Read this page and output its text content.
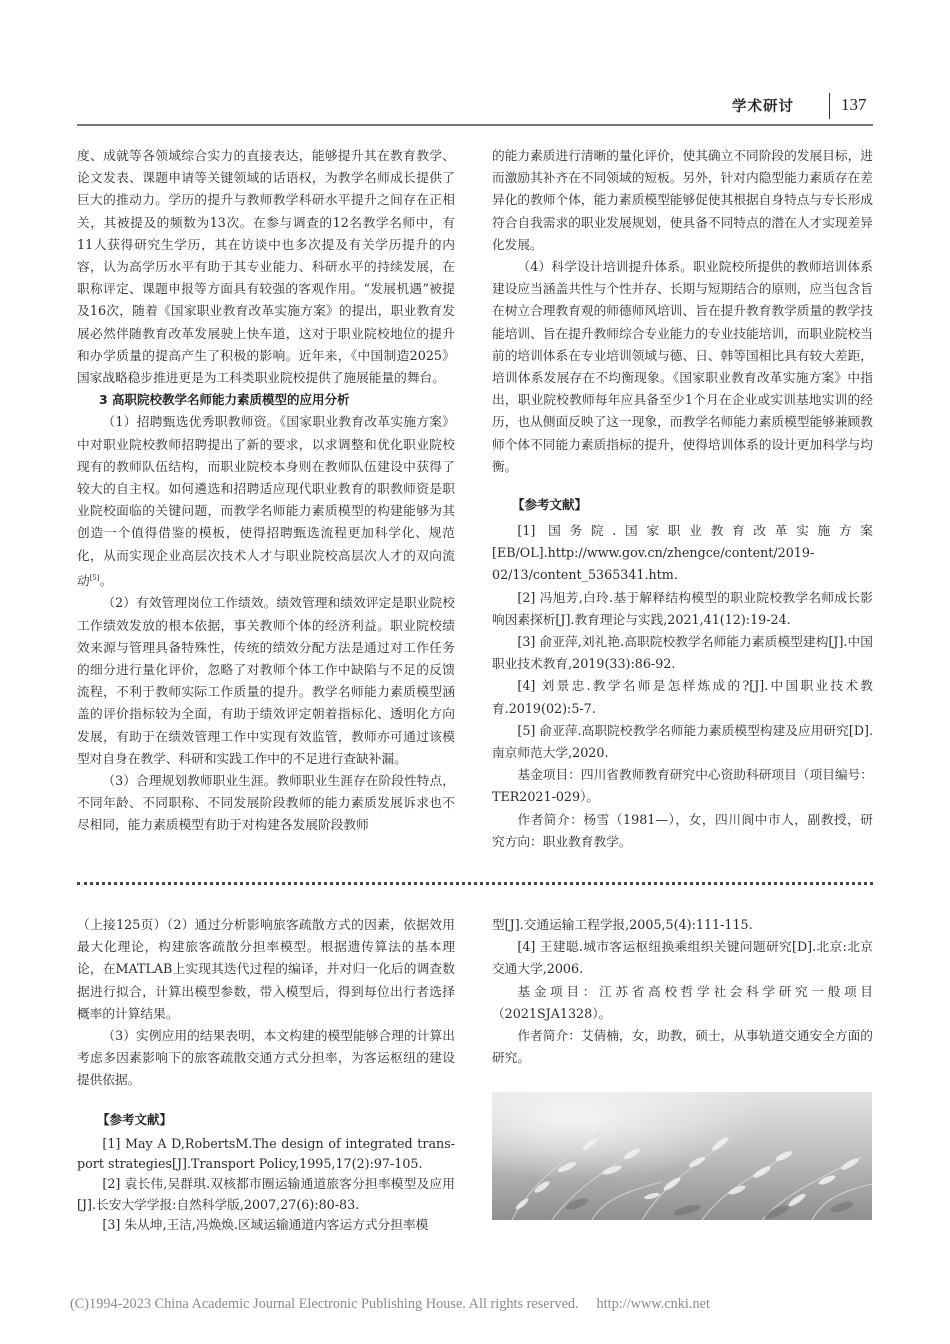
学术研讨	137

度、成就等各领域综合实力的直接表达，能够提升其在教育教学、论文发表、课题申请等关键领域的话语权，为教学名师成长提供了巨大的推动力。学历的提升与教师教学科研水平提升之间存在正相关，其被提及的频数为13次。在参与调查的12名教学名师中，有11人获得研究生学历，其在访谈中也多次提及有关学历提升的内容，认为高学历水平有助于其专业能力、科研水平的持续发展，在职称评定、课题申报等方面具有较强的客观作用。“发展机遇”被提及16次，随着《国家职业教育改革实施方案》的提出，职业教育发展必然伴随教育改革发展驶上快车道，这对于职业院校地位的提升和办学质量的提高产生了积极的影响。近年来，《中国制造2025》国家战略稳步推进更是为工科类职业院校提供了施展能量的舞台。

3 高职院校教学名师能力素质模型的应用分析

（1）招聘甄选优秀职教师资。《国家职业教育改革实施方案》中对职业院校教师招聘提出了新的要求，以求调整和优化职业院校现有的教师队伍结构，而职业院校本身则在教师队伍建设中获得了较大的自主权。如何遴选和招聘适应现代职业教育的职教师资是职业院校面临的关键问题，而教学名师能力素质模型的构建能够为其创造一个值得借鉴的模板，使得招聘甄选流程更加科学化、规范化，从而实现企业高层次技术人才与职业院校高层次人才的双向流动[5]。

（2）有效管理岗位工作绩效。绩效管理和绩效评定是职业院校工作绩效发放的根本依据，事关教师个体的经济利益。职业院校绩效来源与管理具备特殊性，传统的绩效分配方法是通过对工作任务的细分进行量化评价，忽略了对教师个体工作中缺陷与不足的反馈流程，不利于教师实际工作质量的提升。教学名师能力素质模型涵盖的评价指标较为全面，有助于绩效评定朝着指标化、透明化方向发展，有助于在绩效管理工作中实现有效监管，教师亦可通过该模型对自身在教学、科研和实践工作中的不足进行查缺补漏。

（3）合理规划教师职业生涯。教师职业生涯存在阶段性特点，不同年龄、不同职称、不同发展阶段教师的能力素质发展诉求也不尽相同，能力素质模型有助于对构建各发展阶段教师

的能力素质进行清晰的量化评价，使其确立不同阶段的发展目标，进而激励其补齐在不同领域的短板。另外，针对内隐型能力素质存在差异化的教师个体，能力素质模型能够促使其根据自身特点与专长形成符合自我需求的职业发展规划，使具备不同特点的潜在人才实现差异化发展。

（4）科学设计培训提升体系。职业院校所提供的教师培训体系建设应当涵盖共性与个性并存、长期与短期结合的原则，应当包含旨在树立合理教育观的师德师风培训、旨在提升教育教学质量的教学技能培训、旨在提升教师综合专业能力的专业技能培训，而职业院校当前的培训体系在专业培训领域与德、日、韩等国相比具有较大差距，培训体系发展存在不均衡现象。《国家职业教育改革实施方案》中指出，职业院校教师每年应具备至少1个月在企业或实训基地实训的经历，也从侧面反映了这一现象，而教学名师能力素质模型能够兼顾教师个体不同能力素质指标的提升，使得培训体系的设计更加科学与均衡。

【参考文献】

[1] 国务院.国家职业教育改革实施方案[EB/OL].http://www.gov.cn/zhengce/content/2019-02/13/content_5365341.htm.

[2] 冯旭芳,白玲.基于解释结构模型的职业院校教学名师成长影响因素探析[J].教育理论与实践,2021,41(12):19-24.

[3] 俞亚萍,刘礼艳.高职院校教学名师能力素质模型建构[J].中国职业技术教育,2019(33):86-92.

[4] 刘景忠.教学名师是怎样炼成的?[J].中国职业技术教育.2019(02):5-7.

[5] 俞亚萍.高职院校教学名师能力素质模型构建及应用研究[D].南京师范大学,2020.

基金项目：四川省教师教育研究中心资助科研项目（项目编号：TER2021-029）。

作者简介：杨雪（1981—），女，四川阆中市人，副教授，研究方向：职业教育教学。

（上接125页）（2）通过分析影响旅客疏散方式的因素，依据效用最大化理论，构建旅客疏散分担率模型。根据遗传算法的基本理论，在MATLAB上实现其迭代过程的编译，并对归一化后的调查数据进行拟合，计算出模型参数，带入模型后，得到每位出行者选择概率的计算结果。

（3）实例应用的结果表明，本文构建的模型能够合理的计算出考虑多因素影响下的旅客疏散交通方式分担率，为客运枢纽的建设提供依据。

【参考文献】

[1] May A D,RobertsM.The design of integrated trans-port strategies[J].Transport Policy,1995,17(2):97-105.

[2] 袁长伟,吴群琪.双核都市圈运输通道旅客分担率模型及应用[J].长安大学学报:自然科学版,2007,27(6):80-83.

[3] 朱从坤,王洁,冯焕焕.区域运输通道内客运方式分担率模

型[J].交通运输工程学报,2005,5(4):111-115.

[4] 王建聪.城市客运枢纽换乘组织关键问题研究[D].北京:北京交通大学,2006.

基金项目：江苏省高校哲学社会科学研究一般项目（2021SJA1328）。

作者简介：艾倩楠，女，助教，硕士，从事轨道交通安全方面的研究。

(C)1994-2023 China Academic Journal Electronic Publishing House. All rights reserved. http://www.cnki.net
